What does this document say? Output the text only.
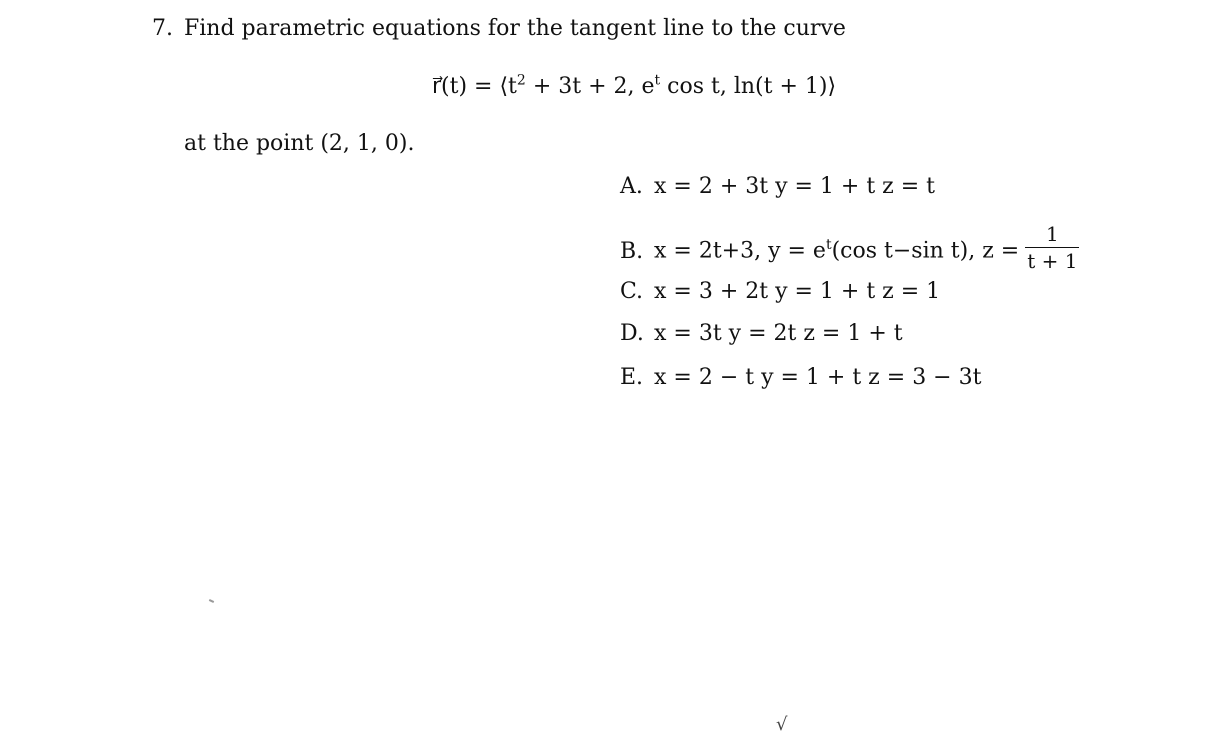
7. Find parametric equations for the tangent line to the curve
r⃗(t) = $⟨t^2 + 3t + 2$, $e^t$ cos t, ln(t + 1)⟩
at the point (2, 1, 0).
A. x = 2 + 3t y = 1 + t z = t
B. x = 2t+3, $y = e^t(\cos$ t−sin t), $z = \frac{1}{t + 1}$
C. x = 3 + 2t y = 1 + t z = 1
D. x = 3t y = 2t z = 1 + t
E. x = 2 − t y = 1 + t z = 3 − 3t
√
